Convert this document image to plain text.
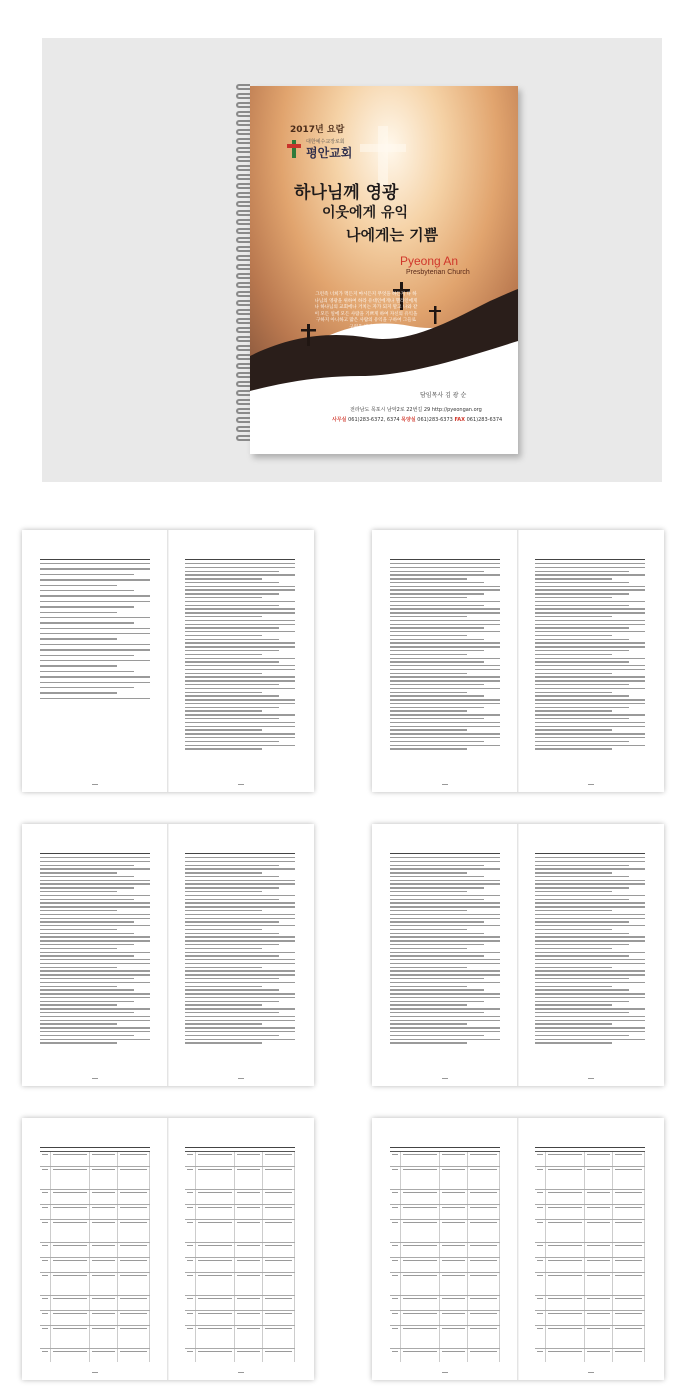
2017년 요람
대한예수교장로회
평안교회
하나님께 영광
이웃에게 유익
나에게는 기쁨
Pyeong An
Presbyterian Church
그런즉 너희가 먹든지 마시든지 무엇을 하든지 다 하나님의 영광을 위하여 하라 유대인에게나 헬라인에게나 하나님의 교회에나 거치는 자가 되지 말고 나와 같이 모든 일에 모든 사람을 기쁘게 하여 자신의 유익을 구하지 아니하고 많은 사람의 유익을 구하여 그들로 구원을 받게 하라
담임목사 김 광 순
전라남도 목포시 남악2로 22번길 29 http://pyeongan.org
사무실 061)283-6372, 6374 목양실 061)283-6373 FAX 061)283-6374
